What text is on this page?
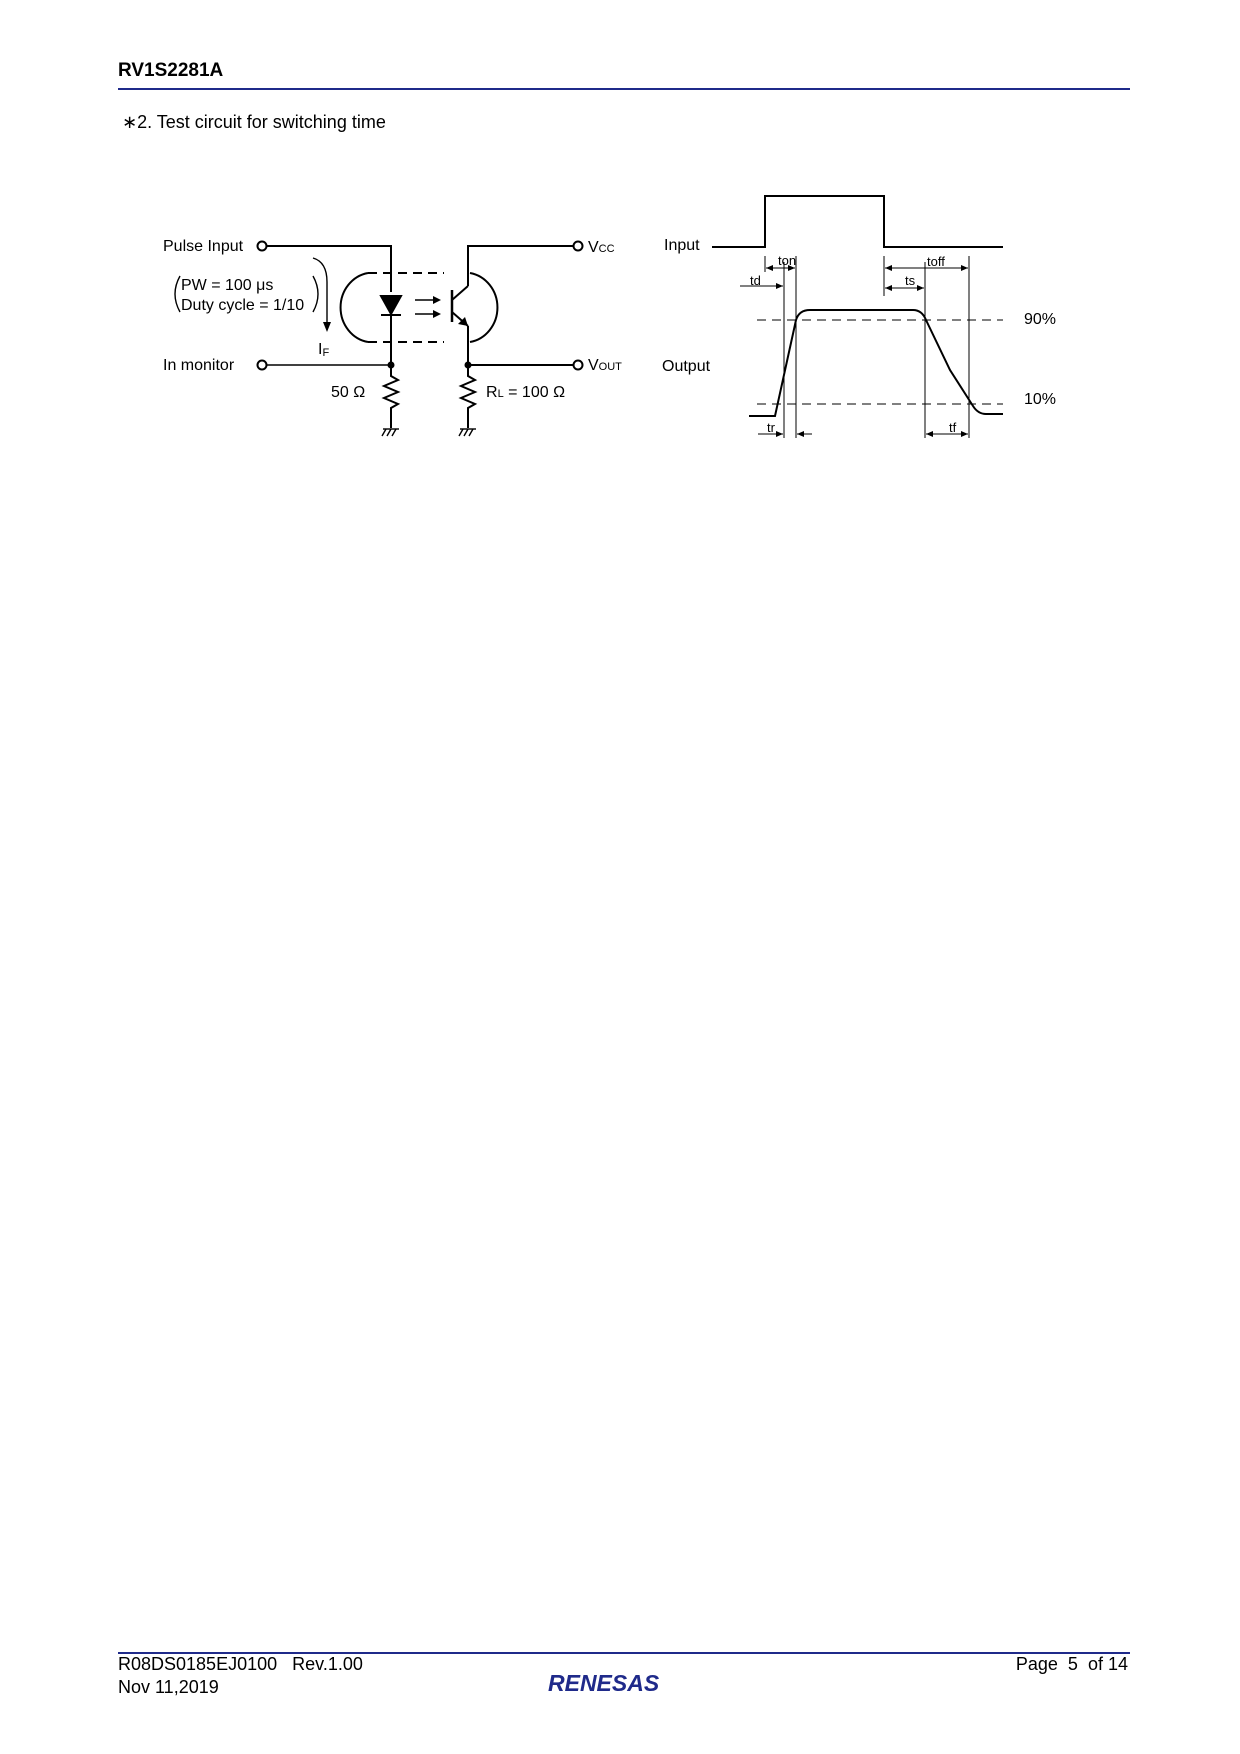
RV1S2281A
∗2. Test circuit for switching time
Pulse Input
PW = 100 μs
Duty cycle = 1/10
IF
In monitor
50 Ω
VCC
VOUT
RL = 100 Ω
Input
Output
ton	toff
td	ts
tr	tf
90%
10%
R08DS0185EJ0100 Rev.1.00
Nov 11,2019
Page 5 of 14
RENESAS
